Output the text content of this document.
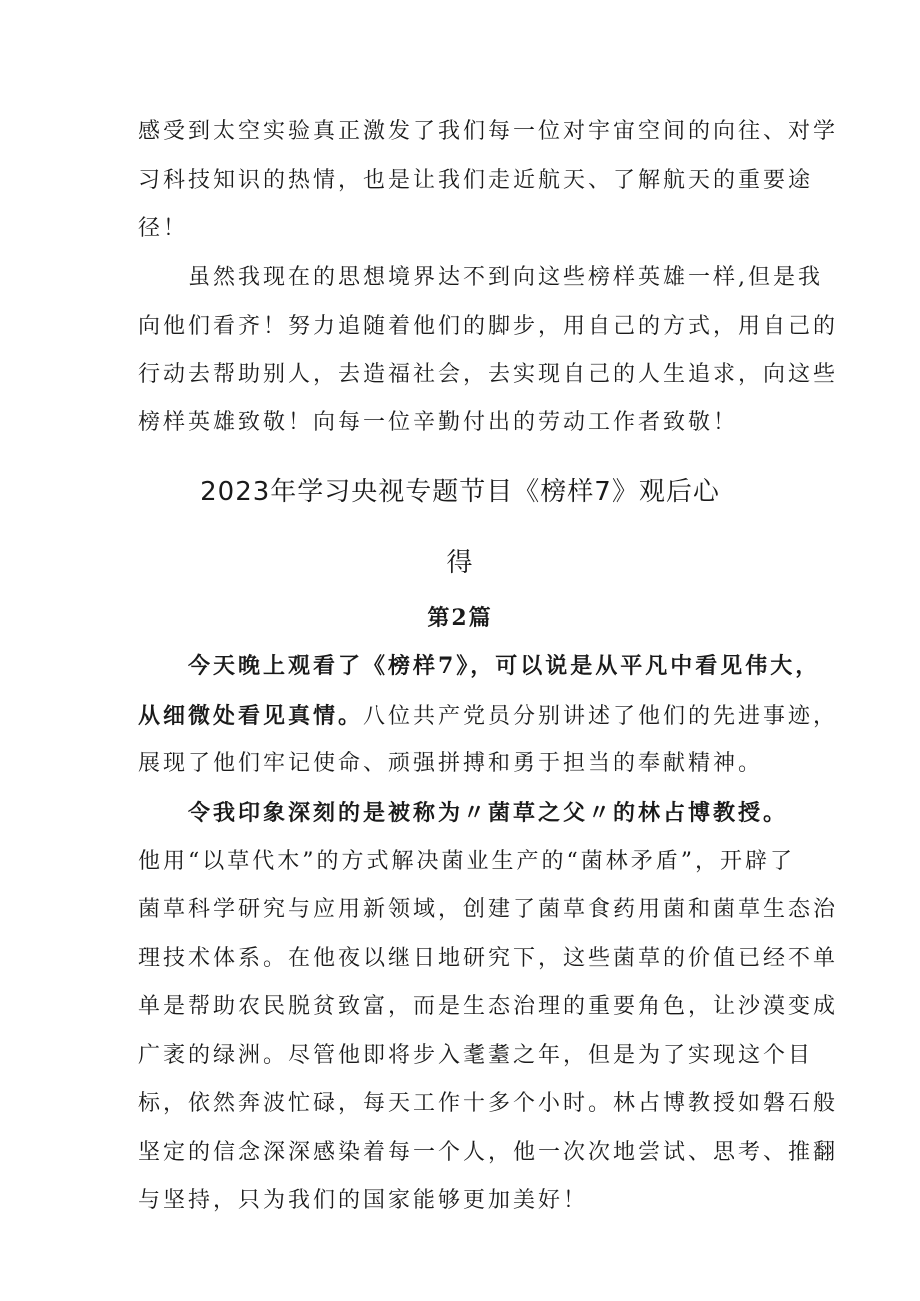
感受到太空实验真正激发了我们每一位对宇宙空间的向往、对学
习科技知识的热情，也是让我们走近航天、了解航天的重要途
径！
虽然我现在的思想境界达不到向这些榜样英雄一样,但是我
向他们看齐！努力追随着他们的脚步，用自己的方式，用自己的
行动去帮助别人，去造福社会，去实现自己的人生追求，向这些
榜样英雄致敬！向每一位辛勤付出的劳动工作者致敬！
2023年学习央视专题节目《榜样7》观后心
得
第2篇
今天晚上观看了《榜样7》，可以说是从平凡中看见伟大，
从细微处看见真情。八位共产党员分别讲述了他们的先进事迹，
展现了他们牢记使命、顽强拼搏和勇于担当的奉献精神。
令我印象深刻的是被称为〃菌草之父〃的林占博教授。
他用“以草代木”的方式解决菌业生产的“菌林矛盾”，开辟了
菌草科学研究与应用新领域，创建了菌草食药用菌和菌草生态治
理技术体系。在他夜以继日地研究下，这些菌草的价值已经不单
单是帮助农民脱贫致富，而是生态治理的重要角色，让沙漠变成
广袤的绿洲。尽管他即将步入耄耋之年，但是为了实现这个目
标，依然奔波忙碌，每天工作十多个小时。林占博教授如磐石般
坚定的信念深深感染着每一个人，他一次次地尝试、思考、推翻
与坚持，只为我们的国家能够更加美好！
